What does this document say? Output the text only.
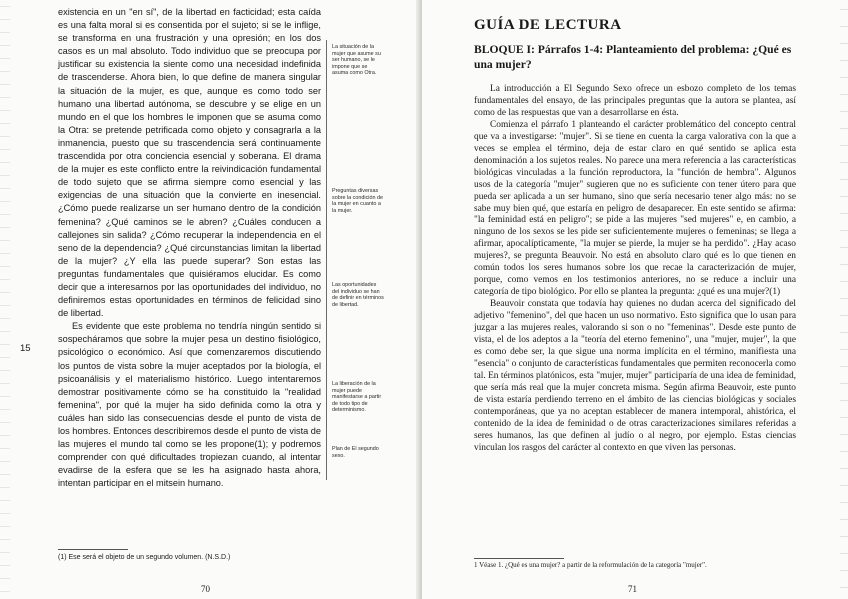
existencia en un "en sí", de la libertad en facticidad; esta caída es una falta moral si es consentida por el sujeto; si se le inflige, se transforma en una frustración y una opresión; en los dos casos es un mal absoluto. Todo individuo que se preocupa por justificar su existencia la siente como una necesidad indefinida de trascenderse. Ahora bien, lo que define de manera singular la situación de la mujer, es que, aunque es como todo ser humano una libertad autónoma, se descubre y se elige en un mundo en el que los hombres le imponen que se asuma como la Otra: se pretende petrificada como objeto y consagrarla a la inmanencia, puesto que su trascendencia será continuamente trascendida por otra conciencia esencial y soberana. El drama de la mujer es este conflicto entre la reivindicación fundamental de todo sujeto que se afirma siempre como esencial y las exigencias de una situación que la convierte en inesencial. ¿Cómo puede realizarse un ser humano dentro de la condición femenina? ¿Qué caminos se le abren? ¿Cuáles conducen a callejones sin salida? ¿Cómo recuperar la independencia en el seno de la dependencia? ¿Qué circunstancias limitan la libertad de la mujer? ¿Y ella las puede superar? Son estas las preguntas fundamentales que quisiéramos elucidar. Es como decir que a interesarnos por las oportunidades del individuo, no definiremos estas oportunidades en términos de felicidad sino de libertad.

Es evidente que este problema no tendría ningún sentido si sospecháramos que sobre la mujer pesa un destino fisiológico, psicológico o económico. Así que comenzaremos discutiendo los puntos de vista sobre la mujer aceptados por la biología, el psicoanálisis y el materialismo histórico. Luego intentaremos demostrar positivamente cómo se ha constituido la "realidad femenina", por qué la mujer ha sido definida como la otra y cuáles han sido las consecuencias desde el punto de vista de los hombres. Entonces describiremos desde el punto de vista de las mujeres el mundo tal como se les propone(1); y podremos comprender con qué dificultades tropiezan cuando, al intentar evadirse de la esfera que se les ha asignado hasta ahora, intentan participar en el mitsein humano.

15
La situación de la mujer que asume su ser humano, se le impone que se asuma como Otra.
Preguntas diversas sobre la condición de la mujer en cuanto a la mujer.
Las oportunidades del individuo se han de definir en términos de libertad.
La liberación de la mujer puede manifestarse a partir de todo tipo de determinismo.
Plan de El segundo sexo.
(1) Ese será el objeto de un segundo volumen. (N.S.D.)
70
GUÍA DE LECTURA
BLOQUE I: Párrafos 1-4: Planteamiento del problema: ¿Qué es una mujer?

La introducción a El Segundo Sexo ofrece un esbozo completo de los temas fundamentales del ensayo, de las principales preguntas que la autora se plantea, así como de las respuestas que van a desarrollarse en ésta.

Comienza el párrafo 1 planteando el carácter problemático del concepto central que va a investigarse: "mujer". Si se tiene en cuenta la carga valorativa con la que a veces se emplea el término, deja de estar claro en qué sentido se aplica esta denominación a los sujetos reales. No parece una mera referencia a las características biológicas vinculadas a la función reproductora, la "función de hembra". Algunos usos de la categoría "mujer" sugieren que no es suficiente con tener útero para que pueda ser aplicada a un ser humano, sino que sería necesario tener algo más: no se sabe muy bien qué, que estaría en peligro de desaparecer. En este sentido se afirma: "la feminidad está en peligro"; se pide a las mujeres "sed mujeres" e, en cambio, a ninguno de los sexos se les pide ser suficientemente mujeres o femeninas; se llega a afirmar, apocalípticamente, "la mujer se pierde, la mujer se ha perdido". ¿Hay acaso mujeres?, se pregunta Beauvoir. No está en absoluto claro qué es lo que tienen en común todos los seres humanos sobre los que recae la caracterización de mujer, porque, como vemos en los testimonios anteriores, no se reduce a incluir una categoría de tipo biológico. Por ello se plantea la pregunta: ¿qué es una mujer?(1)

Beauvoir constata que todavía hay quienes no dudan acerca del significado del adjetivo "femenino", del que hacen un uso normativo. Esto significa que lo usan para juzgar a las mujeres reales, valorando si son o no "femeninas". Desde este punto de vista, el de los adeptos a la "teoría del eterno femenino", una "mujer, mujer", la que es como debe ser, la que sigue una norma implícita en el término, manifiesta una "esencia" o conjunto de características fundamentales que permiten reconocerla como tal. En términos platónicos, esta "mujer, mujer" participaría de una idea de feminidad, que sería más real que la mujer concreta misma. Según afirma Beauvoir, este punto de vista estaría perdiendo terreno en el ámbito de las ciencias biológicas y sociales contemporáneas, que ya no aceptan establecer de manera intemporal, ahistórica, el contenido de la idea de feminidad o de otras caracterizaciones similares referidas a seres humanos, las que definen al judío o al negro, por ejemplo. Estas ciencias vinculan los rasgos del carácter al contexto en que viven las personas.

1 Véase 1. ¿Qué es una mujer? a partir de la reformulación de la categoría "mujer".
71
